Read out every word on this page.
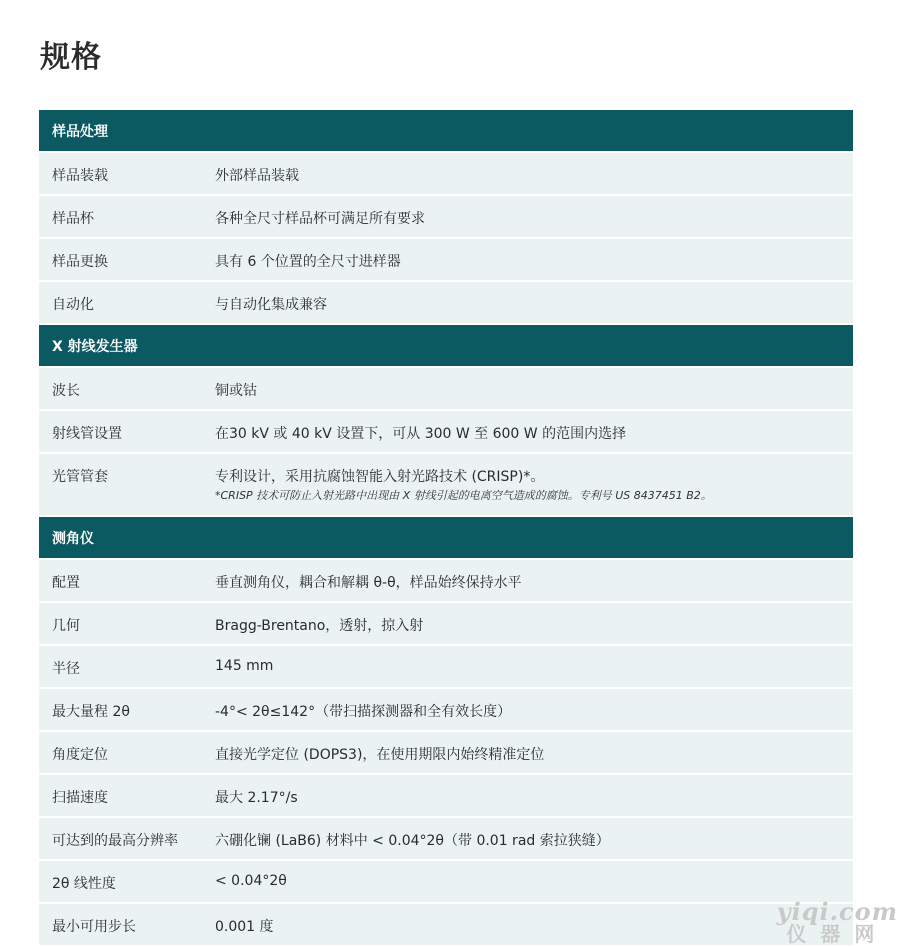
规格
样品处理
样品装载	外部样品装载
样品杯	各种全尺寸样品杯可满足所有要求
样品更换	具有 6 个位置的全尺寸进样器
自动化	与自动化集成兼容
X 射线发生器
波长	铜或钴
射线管设置	在30 kV 或 40 kV 设置下，可从 300 W 至 600 W 的范围内选择
光管管套	专利设计，采用抗腐蚀智能入射光路技术 (CRISP)*。
*CRISP 技术可防止入射光路中出现由 X 射线引起的电离空气造成的腐蚀。专利号 US 8437451 B2。
测角仪
配置	垂直测角仪，耦合和解耦 θ-θ，样品始终保持水平
几何	Bragg-Brentano，透射，掠入射
半径	145 mm
最大量程 2θ	-4°< 2θ≤142°（带扫描探测器和全有效长度）
角度定位	直接光学定位 (DOPS3)，在使用期限内始终精准定位
扫描速度	最大 2.17°/s
可达到的最高分辨率	六硼化镧 (LaB6) 材料中 < 0.04°2θ（带 0.01 rad 索拉狭缝）
2θ 线性度	< 0.04°2θ
最小可用步长	0.001 度
yiqi.com
仪器网
